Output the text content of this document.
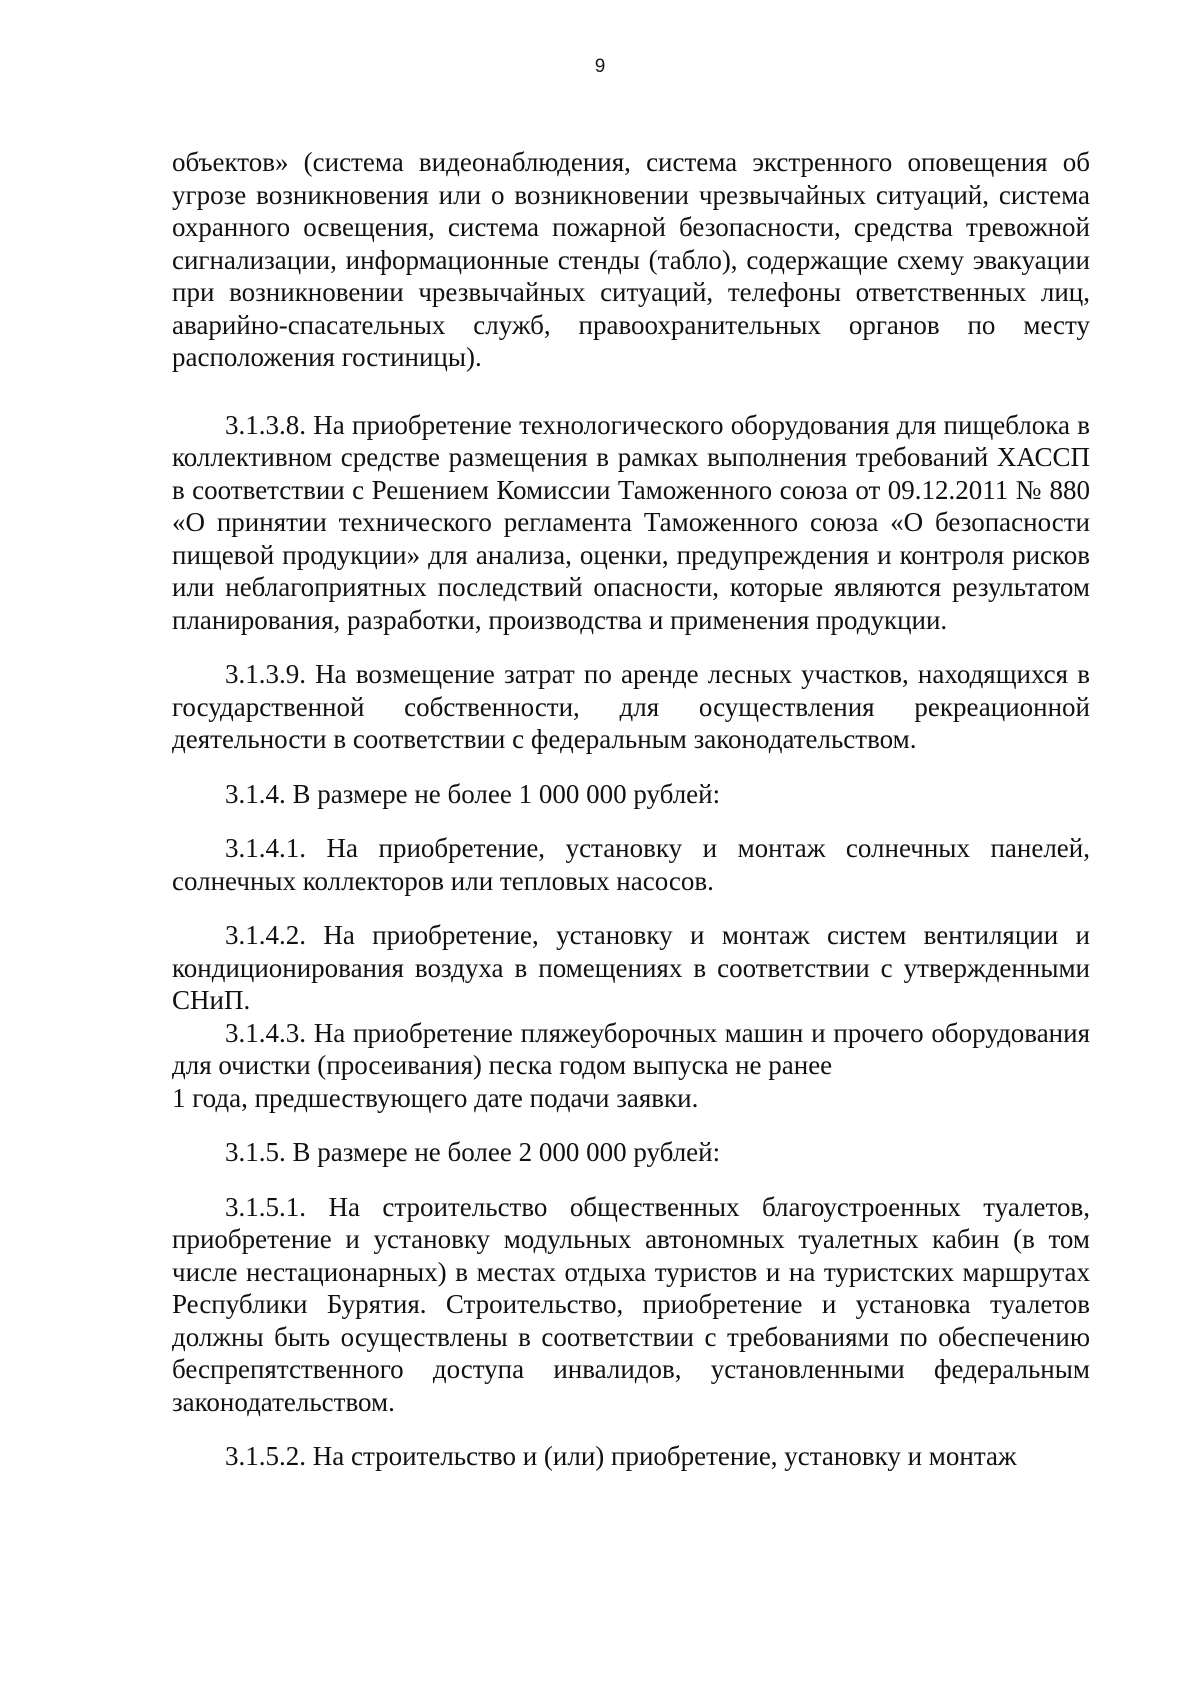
9

объектов» (система видеонаблюдения, система экстренного оповещения об угрозе возникновения или о возникновении чрезвычайных ситуаций, система охранного освещения, система пожарной безопасности, средства тревожной сигнализации, информационные стенды (табло), содержащие схему эвакуации при возникновении чрезвычайных ситуаций, телефоны ответственных лиц, аварийно-спасательных служб, правоохранительных органов по месту расположения гостиницы).

3.1.3.8. На приобретение технологического оборудования для пищеблока в коллективном средстве размещения в рамках выполнения требований ХАССП в соответствии с Решением Комиссии Таможенного союза от 09.12.2011 № 880 «О принятии технического регламента Таможенного союза «О безопасности пищевой продукции» для анализа, оценки, предупреждения и контроля рисков или неблагоприятных последствий опасности, которые являются результатом планирования, разработки, производства и применения продукции.

3.1.3.9. На возмещение затрат по аренде лесных участков, находящихся в государственной собственности, для осуществления рекреационной деятельности в соответствии с федеральным законодательством.

3.1.4. В размере не более 1 000 000 рублей:

3.1.4.1. На приобретение, установку и монтаж солнечных панелей, солнечных коллекторов или тепловых насосов.

3.1.4.2. На приобретение, установку и монтаж систем вентиляции и кондиционирования воздуха в помещениях в соответствии с утвержденными СНиП.

3.1.4.3. На приобретение пляжеуборочных машин и прочего оборудования для очистки (просеивания) песка годом выпуска не ранее

1 года, предшествующего дате подачи заявки.

3.1.5. В размере не более 2 000 000 рублей:

3.1.5.1. На строительство общественных благоустроенных туалетов, приобретение и установку модульных автономных туалетных кабин (в том числе нестационарных) в местах отдыха туристов и на туристских маршрутах Республики Бурятия. Строительство, приобретение и установка туалетов должны быть осуществлены в соответствии с требованиями по обеспечению беспрепятственного доступа инвалидов, установленными федеральным законодательством.

3.1.5.2. На строительство и (или) приобретение, установку и монтаж
